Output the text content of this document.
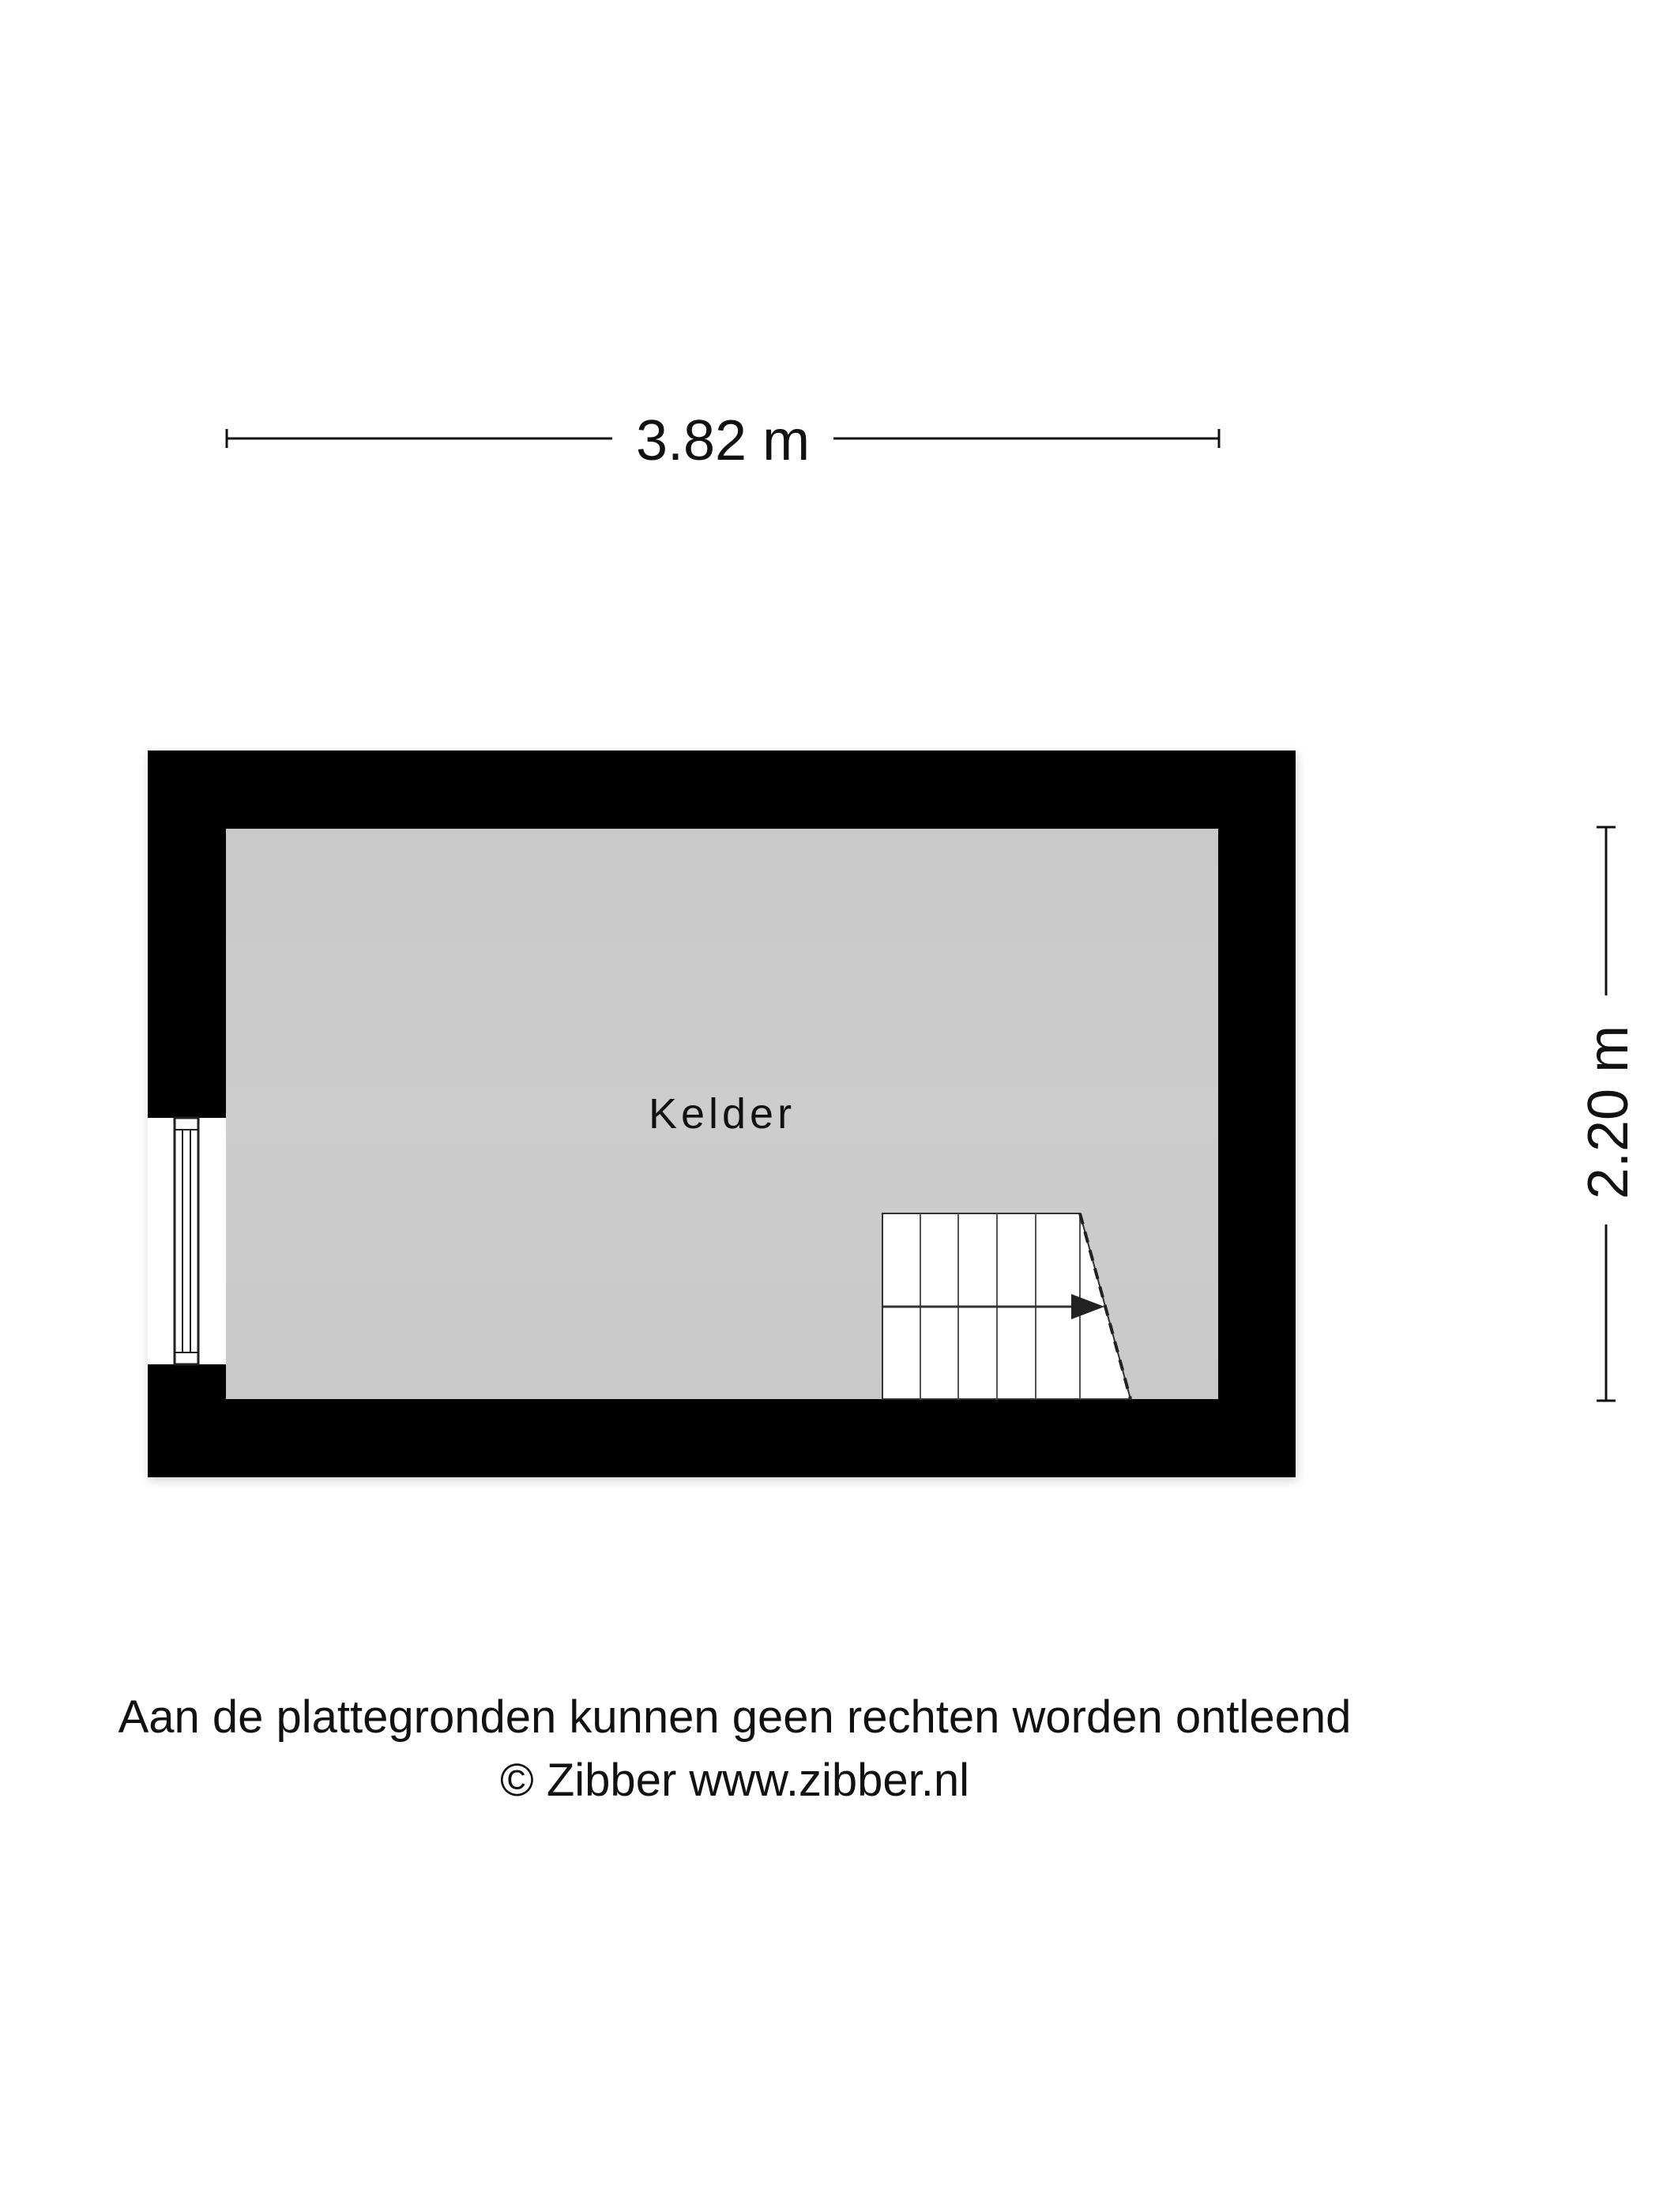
3.82 m
2.20 m
Kelder
Aan de plattegronden kunnen geen rechten worden ontleend
© Zibber www.zibber.nl
